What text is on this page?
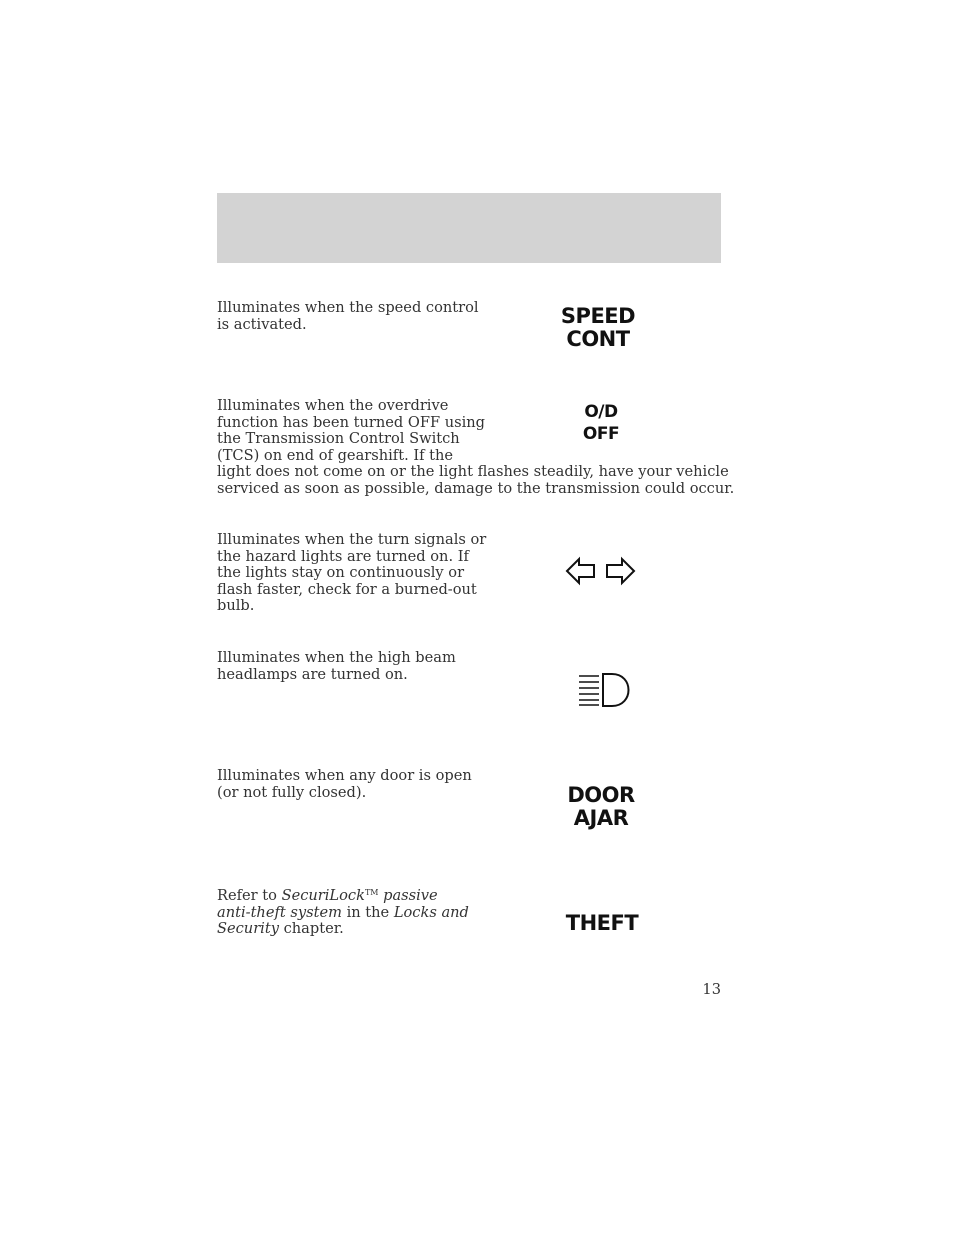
Illuminates when the speed control

is activated.	SPEED
CONT

Illuminates when the overdrive

function has been turned OFF using

the Transmission Control Switch

(TCS) on end of gearshift. If the

light does not come on or the light flashes steadily, have your vehicle

serviced as soon as possible, damage to the transmission could occur.

O/D
OFF

Illuminates when the turn signals or

the hazard lights are turned on. If

the lights stay on continuously or

flash faster, check for a burned-out

bulb.

Illuminates when the high beam

headlamps are turned on.

Illuminates when any door is open

(or not fully closed).	DOOR
AJAR

Refer to SecuriLock™ passive

anti-theft system in the Locks and

Security chapter.	THEFT
13
